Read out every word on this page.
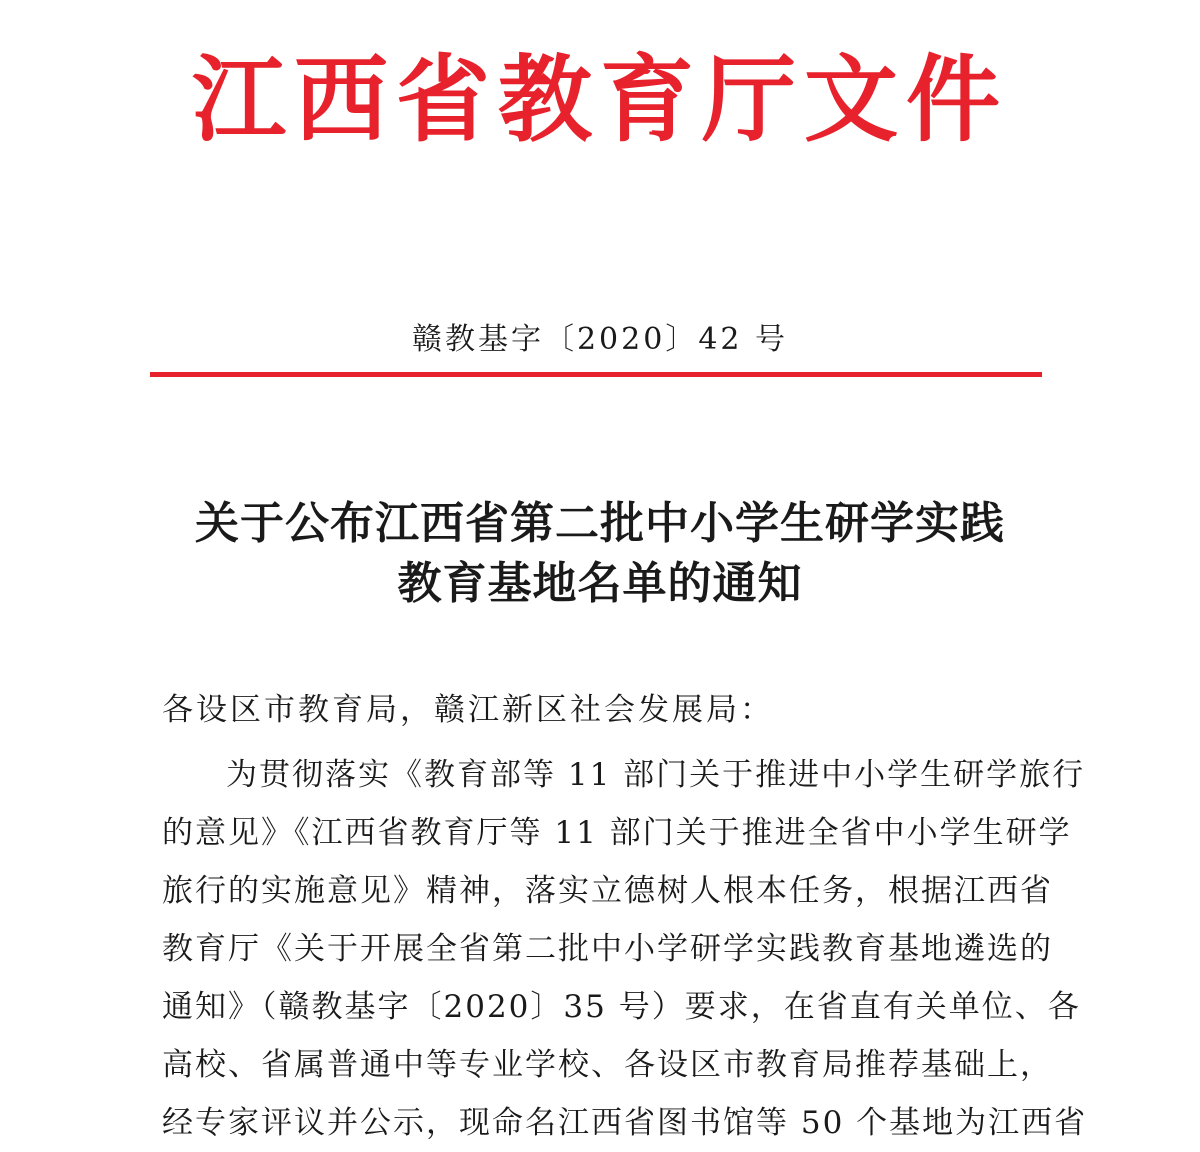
江西省教育厅文件
赣教基字〔2020〕42 号
关于公布江西省第二批中小学生研学实践
教育基地名单的通知
各设区市教育局，赣江新区社会发展局：
为贯彻落实《教育部等 11 部门关于推进中小学生研学旅行
的意见》《江西省教育厅等 11 部门关于推进全省中小学生研学
旅行的实施意见》精神，落实立德树人根本任务，根据江西省
教育厅《关于开展全省第二批中小学研学实践教育基地遴选的
通知》（赣教基字〔2020〕35 号）要求，在省直有关单位、各
高校、省属普通中等专业学校、各设区市教育局推荐基础上，
经专家评议并公示，现命名江西省图书馆等 50 个基地为江西省
